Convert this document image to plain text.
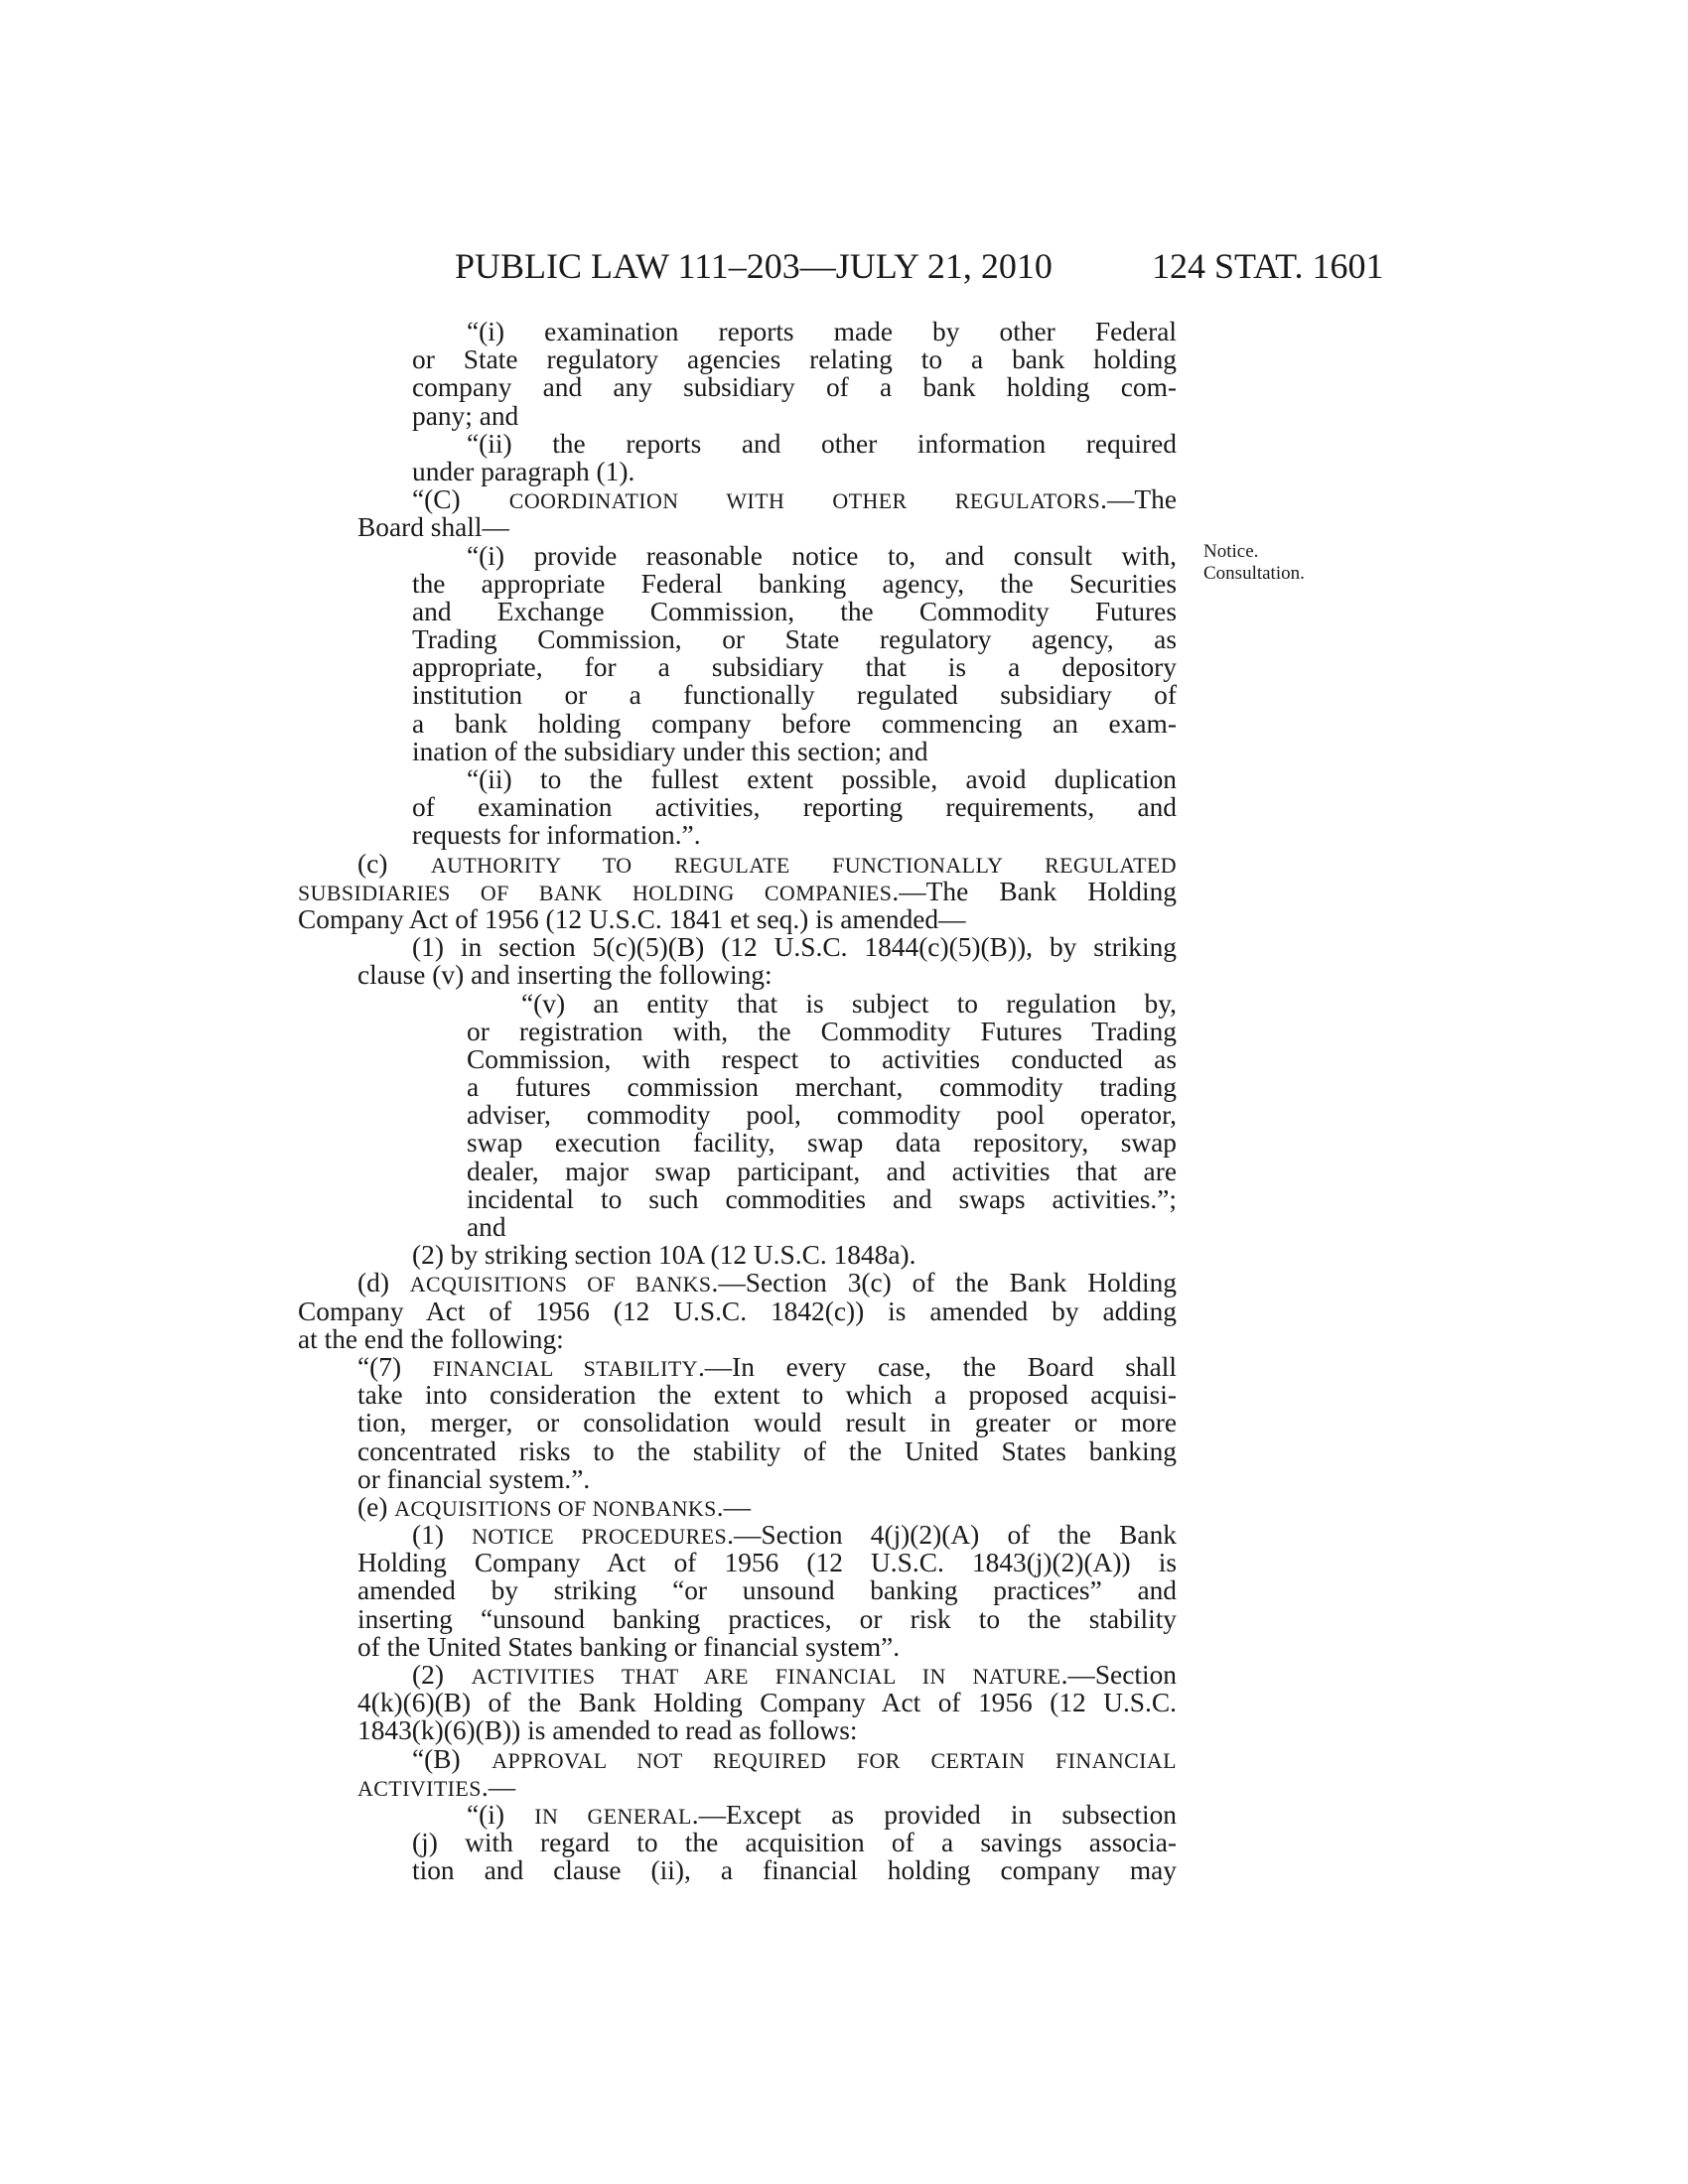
PUBLIC LAW 111–203—JULY 21, 2010	124 STAT. 1601
Notice.
Consultation.
“(i) examination reports made by other Federal
or State regulatory agencies relating to a bank holding
company and any subsidiary of a bank holding com-
pany; and
“(ii) the reports and other information required
under paragraph (1).
“(C) COORDINATION WITH OTHER REGULATORS.—The
Board shall—
“(i) provide reasonable notice to, and consult with,
the appropriate Federal banking agency, the Securities
and Exchange Commission, the Commodity Futures
Trading Commission, or State regulatory agency, as
appropriate, for a subsidiary that is a depository
institution or a functionally regulated subsidiary of
a bank holding company before commencing an exam-
ination of the subsidiary under this section; and
“(ii) to the fullest extent possible, avoid duplication
of examination activities, reporting requirements, and
requests for information.”.
(c) AUTHORITY TO REGULATE FUNCTIONALLY REGULATED
SUBSIDIARIES OF BANK HOLDING COMPANIES.—The Bank Holding
Company Act of 1956 (12 U.S.C. 1841 et seq.) is amended—
(1) in section 5(c)(5)(B) (12 U.S.C. 1844(c)(5)(B)), by striking
clause (v) and inserting the following:
“(v) an entity that is subject to regulation by,
or registration with, the Commodity Futures Trading
Commission, with respect to activities conducted as
a futures commission merchant, commodity trading
adviser, commodity pool, commodity pool operator,
swap execution facility, swap data repository, swap
dealer, major swap participant, and activities that are
incidental to such commodities and swaps activities.”;
and
(2) by striking section 10A (12 U.S.C. 1848a).
(d) ACQUISITIONS OF BANKS.—Section 3(c) of the Bank Holding
Company Act of 1956 (12 U.S.C. 1842(c)) is amended by adding
at the end the following:
“(7) FINANCIAL STABILITY.—In every case, the Board shall
take into consideration the extent to which a proposed acquisi-
tion, merger, or consolidation would result in greater or more
concentrated risks to the stability of the United States banking
or financial system.”.
(e) ACQUISITIONS OF NONBANKS.—
(1) NOTICE PROCEDURES.—Section 4(j)(2)(A) of the Bank
Holding Company Act of 1956 (12 U.S.C. 1843(j)(2)(A)) is
amended by striking “or unsound banking practices” and
inserting “unsound banking practices, or risk to the stability
of the United States banking or financial system”.
(2) ACTIVITIES THAT ARE FINANCIAL IN NATURE.—Section
4(k)(6)(B) of the Bank Holding Company Act of 1956 (12 U.S.C.
1843(k)(6)(B)) is amended to read as follows:
“(B) APPROVAL NOT REQUIRED FOR CERTAIN FINANCIAL
ACTIVITIES.—
“(i) IN GENERAL.—Except as provided in subsection
(j) with regard to the acquisition of a savings associa-
tion and clause (ii), a financial holding company may
